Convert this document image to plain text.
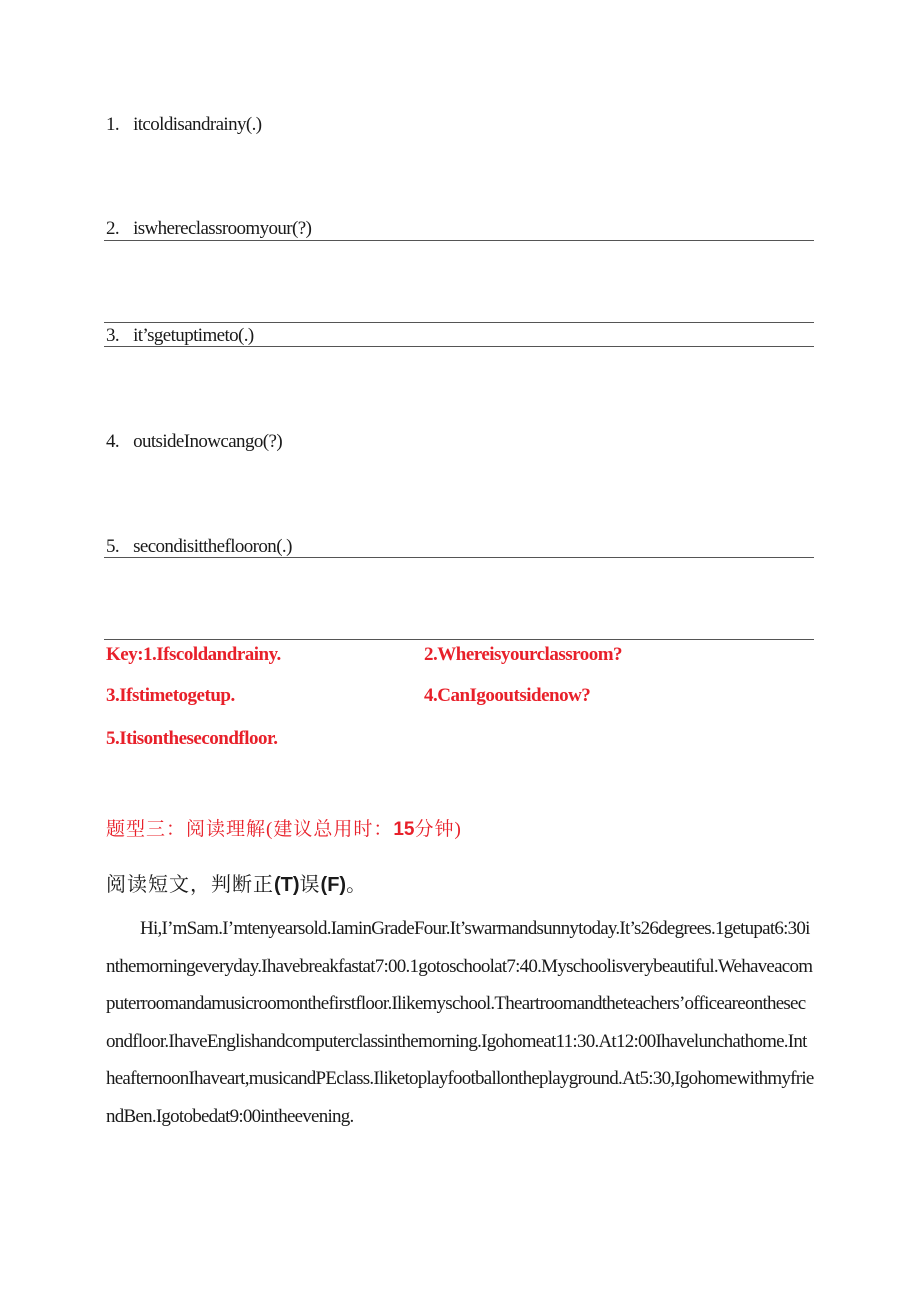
1. itcoldisandrainy(.)
2. iswhereclassroomyour(?)
3. it’sgetuptimeto(.)
4. outsideInowcango(?)
5. secondisittheflooron(.)
Key:1.Ifscoldandrainy.	2.Whereisyourclassroom?
3.Ifstimetogetup.	4.CanIgooutsidenow?
5.Itisonthesecondfloor.
题型三：阅读理解(建议总用时：15分钟)
阅读短文，判断正(T)误(F)。

Hi,I’mSam.I’mtenyearsold.IaminGradeFour.It’swarmandsunnytoday.It’s26degrees.1getupat6:30inthemorningeveryday.Ihavebreakfastat7:00.1gotoschoolat7:40.Myschoolisverybeautiful.Wehaveacomputerroomandamusicroomonthefirstfloor.Ilikemyschool.Theartroomandtheteachers’officeareonthesecondfloor.IhaveEnglishandcomputerclassinthemorning.Igohomeat11:30.At12:00Ihavelunchathome.IntheafternoonIhaveart,musicandPEclass.Iliketoplayfootballontheplayground.At5:30,IgohomewithmyfriendBen.Igotobedat9:00intheevening.
